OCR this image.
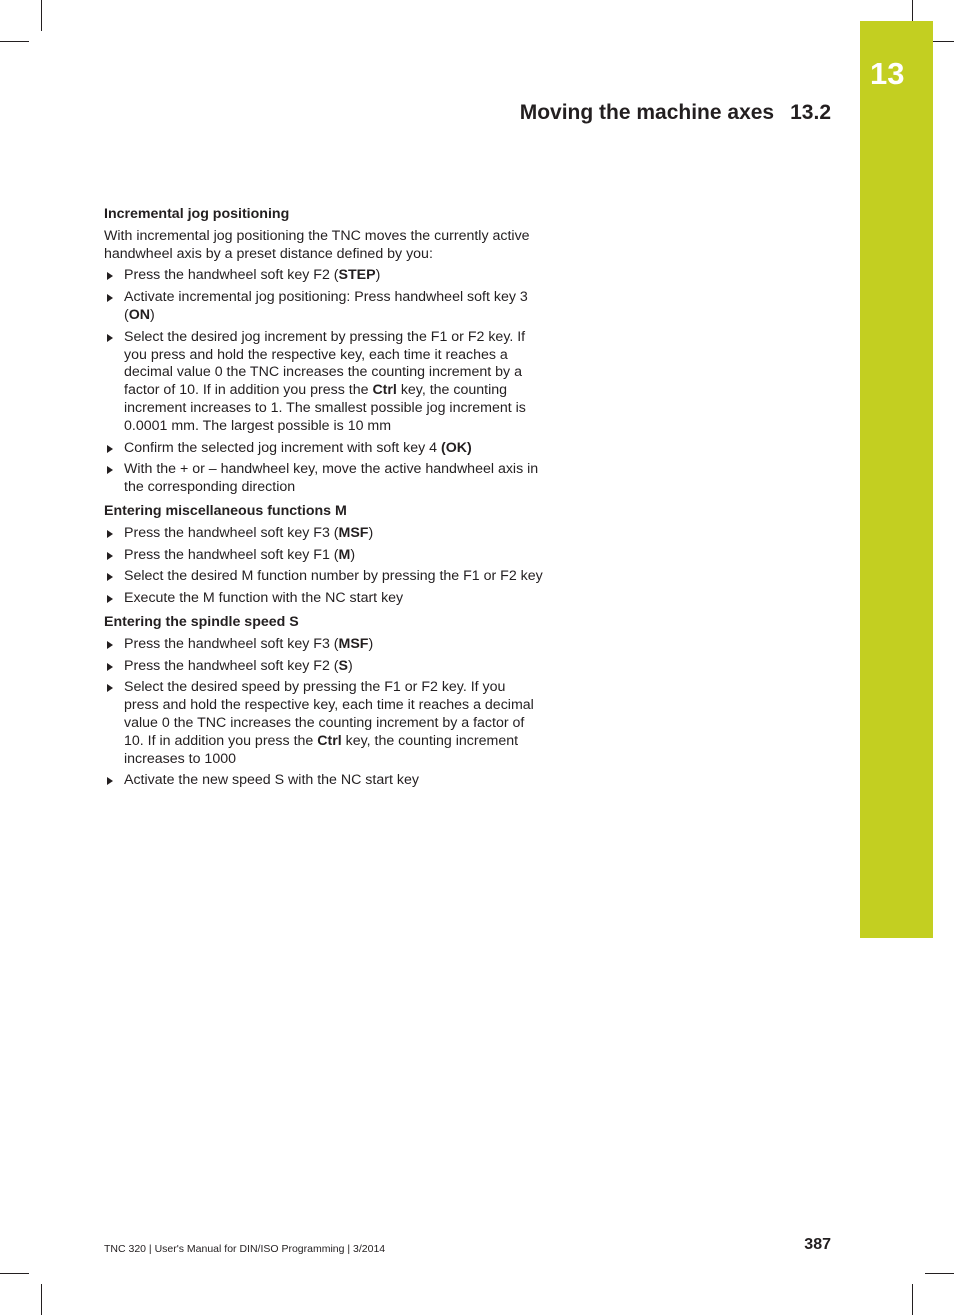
13
Moving the machine axes 13.2
Incremental jog positioning
With incremental jog positioning the TNC moves the currently active handwheel axis by a preset distance defined by you:
Press the handwheel soft key F2 (STEP)
Activate incremental jog positioning: Press handwheel soft key 3 (ON)
Select the desired jog increment by pressing the F1 or F2 key. If you press and hold the respective key, each time it reaches a decimal value 0 the TNC increases the counting increment by a factor of 10. If in addition you press the Ctrl key, the counting increment increases to 1. The smallest possible jog increment is 0.0001 mm. The largest possible is 10 mm
Confirm the selected jog increment with soft key 4 (OK)
With the + or – handwheel key, move the active handwheel axis in the corresponding direction
Entering miscellaneous functions M
Press the handwheel soft key F3 (MSF)
Press the handwheel soft key F1 (M)
Select the desired M function number by pressing the F1 or F2 key
Execute the M function with the NC start key
Entering the spindle speed S
Press the handwheel soft key F3 (MSF)
Press the handwheel soft key F2 (S)
Select the desired speed by pressing the F1 or F2 key. If you press and hold the respective key, each time it reaches a decimal value 0 the TNC increases the counting increment by a factor of 10. If in addition you press the Ctrl key, the counting increment increases to 1000
Activate the new speed S with the NC start key
TNC 320 | User's Manual for DIN/ISO Programming | 3/2014	387
